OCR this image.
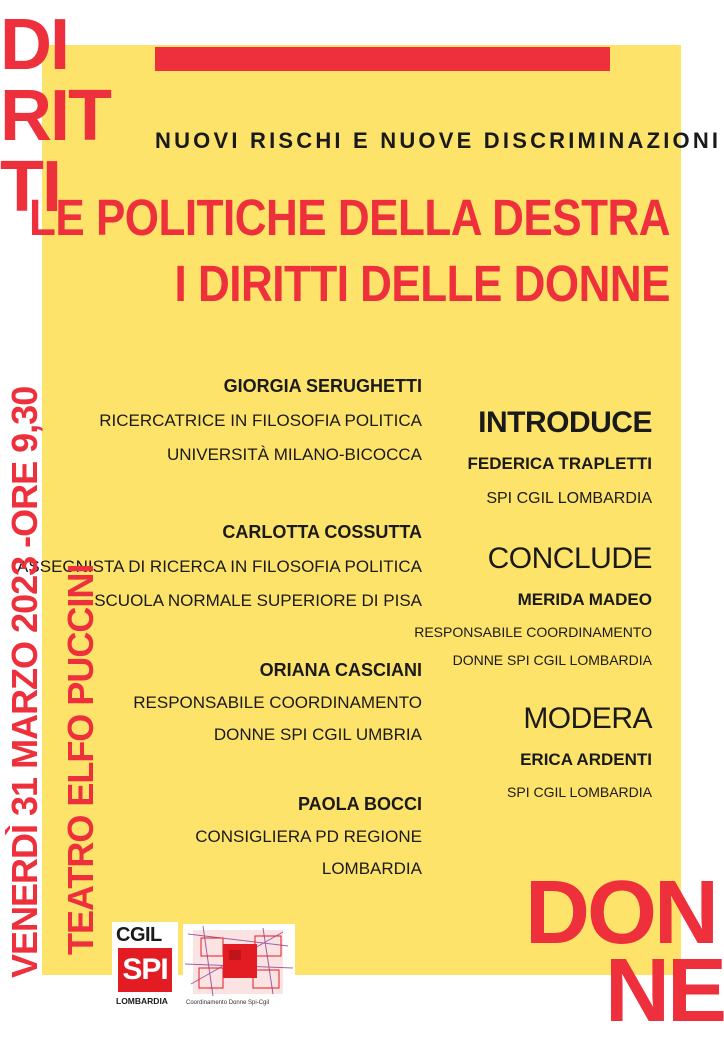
DI
RIT
TI
NUOVI RISCHI E NUOVE DISCRIMINAZIONI
LE POLITICHE DELLA DESTRA
I DIRITTI DELLE DONNE
GIORGIA SERUGHETTI
RICERCATRICE IN FILOSOFIA POLITICA
UNIVERSITÀ MILANO-BICOCCA
CARLOTTA COSSUTTA
ASSEGNISTA DI RICERCA IN FILOSOFIA POLITICA
SCUOLA NORMALE SUPERIORE DI PISA
ORIANA CASCIANI
RESPONSABILE COORDINAMENTO
DONNE SPI CGIL UMBRIA
PAOLA BOCCI
CONSIGLIERA PD REGIONE
LOMBARDIA
INTRODUCE
FEDERICA TRAPLETTI
SPI CGIL LOMBARDIA
CONCLUDE
MERIDA MADEO
RESPONSABILE COORDINAMENTO
DONNE SPI CGIL LOMBARDIA
MODERA
ERICA ARDENTI
SPI CGIL LOMBARDIA
VENERDÌ 31 MARZO 2023 -ORE 9,30 TEATRO ELFO PUCCINI	DON
NE
CGIL
SPI
LOMBARDIA	Coordinamento Donne Spi-Cgil
